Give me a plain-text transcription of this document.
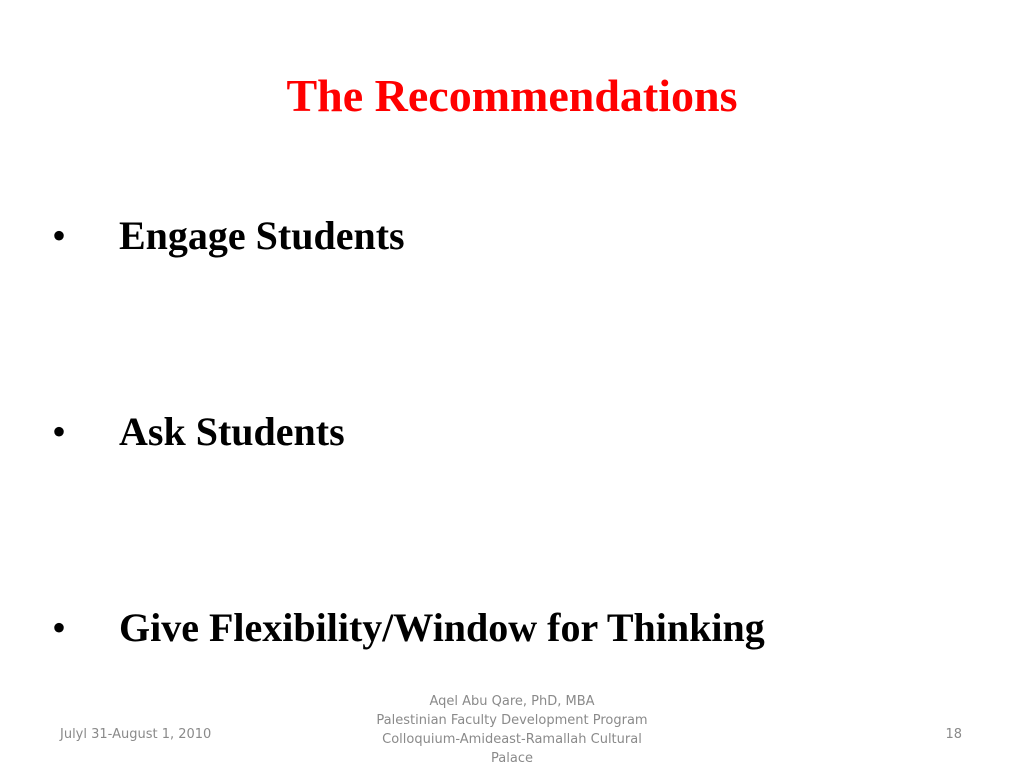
The Recommendations
• Engage Students
• Ask Students
• Give Flexibility/Window for Thinking
Julyl 31-August 1, 2010
Aqel Abu Qare, PhD, MBA
Palestinian Faculty Development Program
Colloquium-Amideast-Ramallah Cultural
Palace
18
